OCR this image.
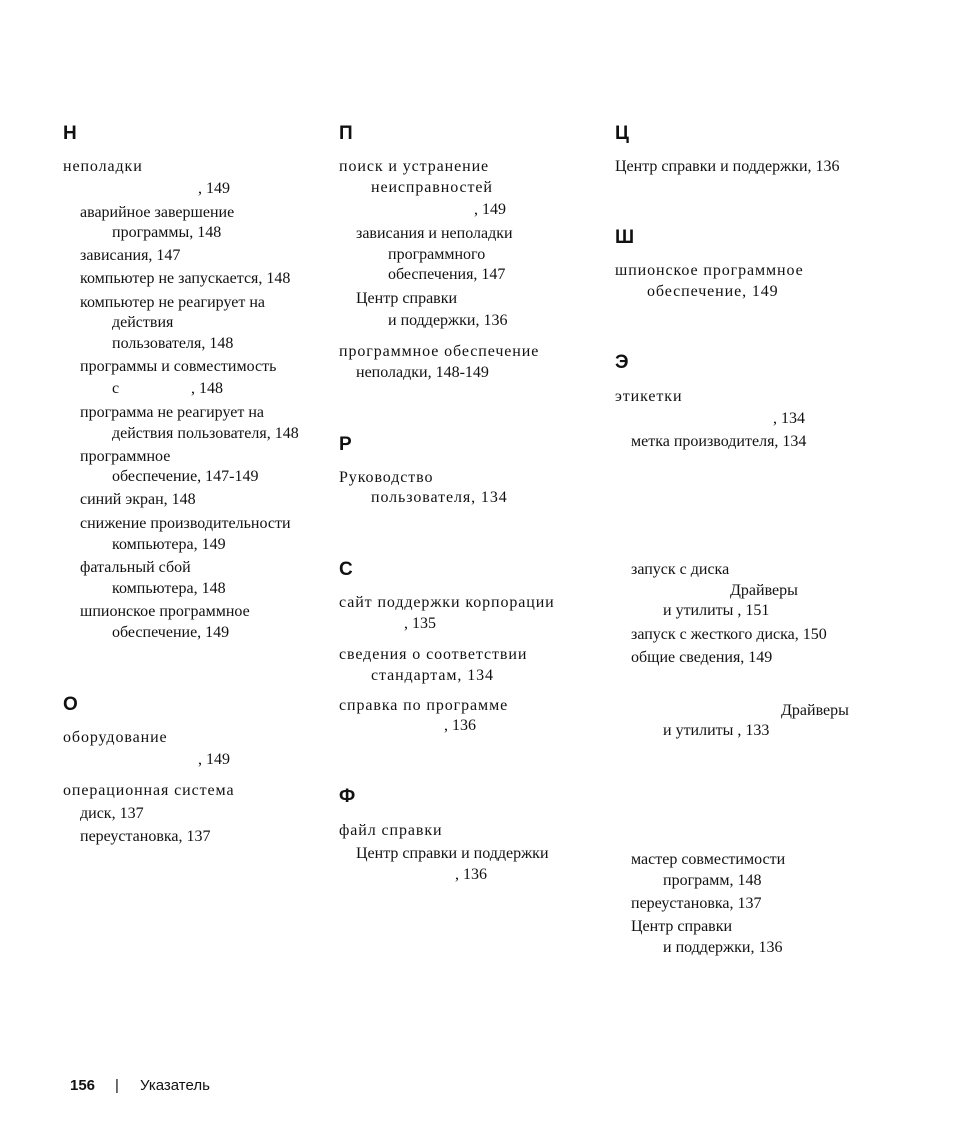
Н
неполадки
, 149
аварийное завершение
программы, 148
зависания, 147
компьютер не запускается, 148
компьютер не реагирует на
действия
пользователя, 148
программы и совместимость
с	, 148
программа не реагирует на
действия пользователя, 148
программное
обеспечение, 147-149
синий экран, 148
снижение производительности
компьютера, 149
фатальный сбой
компьютера, 148
шпионское программное
обеспечение, 149
О
оборудование
, 149
операционная система
диск, 137
переустановка, 137
П
поиск и устранение
неисправностей
, 149
зависания и неполадки
программного
обеспечения, 147
Центр справки
и поддержки, 136
программное обеспечение
неполадки, 148-149
Р
Руководство
пользователя, 134
С
сайт поддержки корпорации
, 135
сведения о соответствии
стандартам, 134
справка по программе
, 136
Ф
файл справки
Центр справки и поддержки
, 136
Ц
Центр справки и поддержки, 136
Ш
шпионское программное
обеспечение, 149
Э
этикетки
, 134
метка производителя, 134
запуск с диска
Драйверы
и утилиты , 151
запуск с жесткого диска, 150
общие сведения, 149
Драйверы
и утилиты , 133
мастер совместимости
программ, 148
переустановка, 137
Центр справки
и поддержки, 136
156 | Указатель
